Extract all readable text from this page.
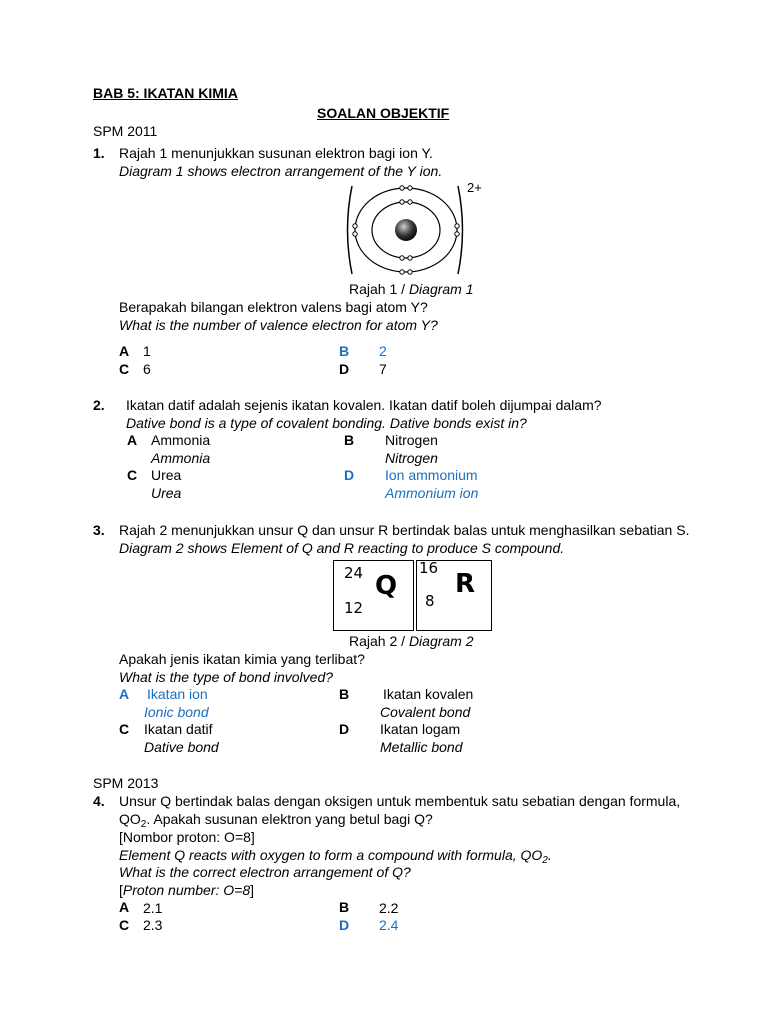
BAB 5: IKATAN KIMIA
SOALAN OBJEKTIF
SPM 2011
1. Rajah 1 menunjukkan susunan elektron bagi ion Y.
Diagram 1 shows electron arrangement of the Y ion.
2+
Rajah 1 / Diagram 1
Berapakah bilangan elektron valens bagi atom Y?
What is the number of valence electron for atom Y?
A 1	B 2
C 6	D 7
2. Ikatan datif adalah sejenis ikatan kovalen. Ikatan datif boleh dijumpai dalam?
Dative bond is a type of covalent bonding. Dative bonds exist in?
A Ammonia
Ammonia
B Nitrogen
Nitrogen
C Urea
Urea
D Ion ammonium
Ammonium ion
3. Rajah 2 menunjukkan unsur Q dan unsur R bertindak balas untuk menghasilkan sebatian S.
Diagram 2 shows Element of Q and R reacting to produce S compound.
24 Q
12
16
R
8
Rajah 2 / Diagram 2
Apakah jenis ikatan kimia yang terlibat?
What is the type of bond involved?
A Ikatan ion
Ionic bond
B Ikatan kovalen
Covalent bond
C Ikatan datif
Dative bond
D Ikatan logam
Metallic bond
SPM 2013
4. Unsur Q bertindak balas dengan oksigen untuk membentuk satu sebatian dengan formula,
$QO_2$. Apakah susunan elektron yang betul bagi Q?
[Nombor proton: O=8]
Element Q reacts with oxygen to form a compound with formula, $QO_2$.
What is the correct electron arrangement of Q?
[Proton number: O=8]
A 2.1	B 2.2
C 2.3	D 2.4
